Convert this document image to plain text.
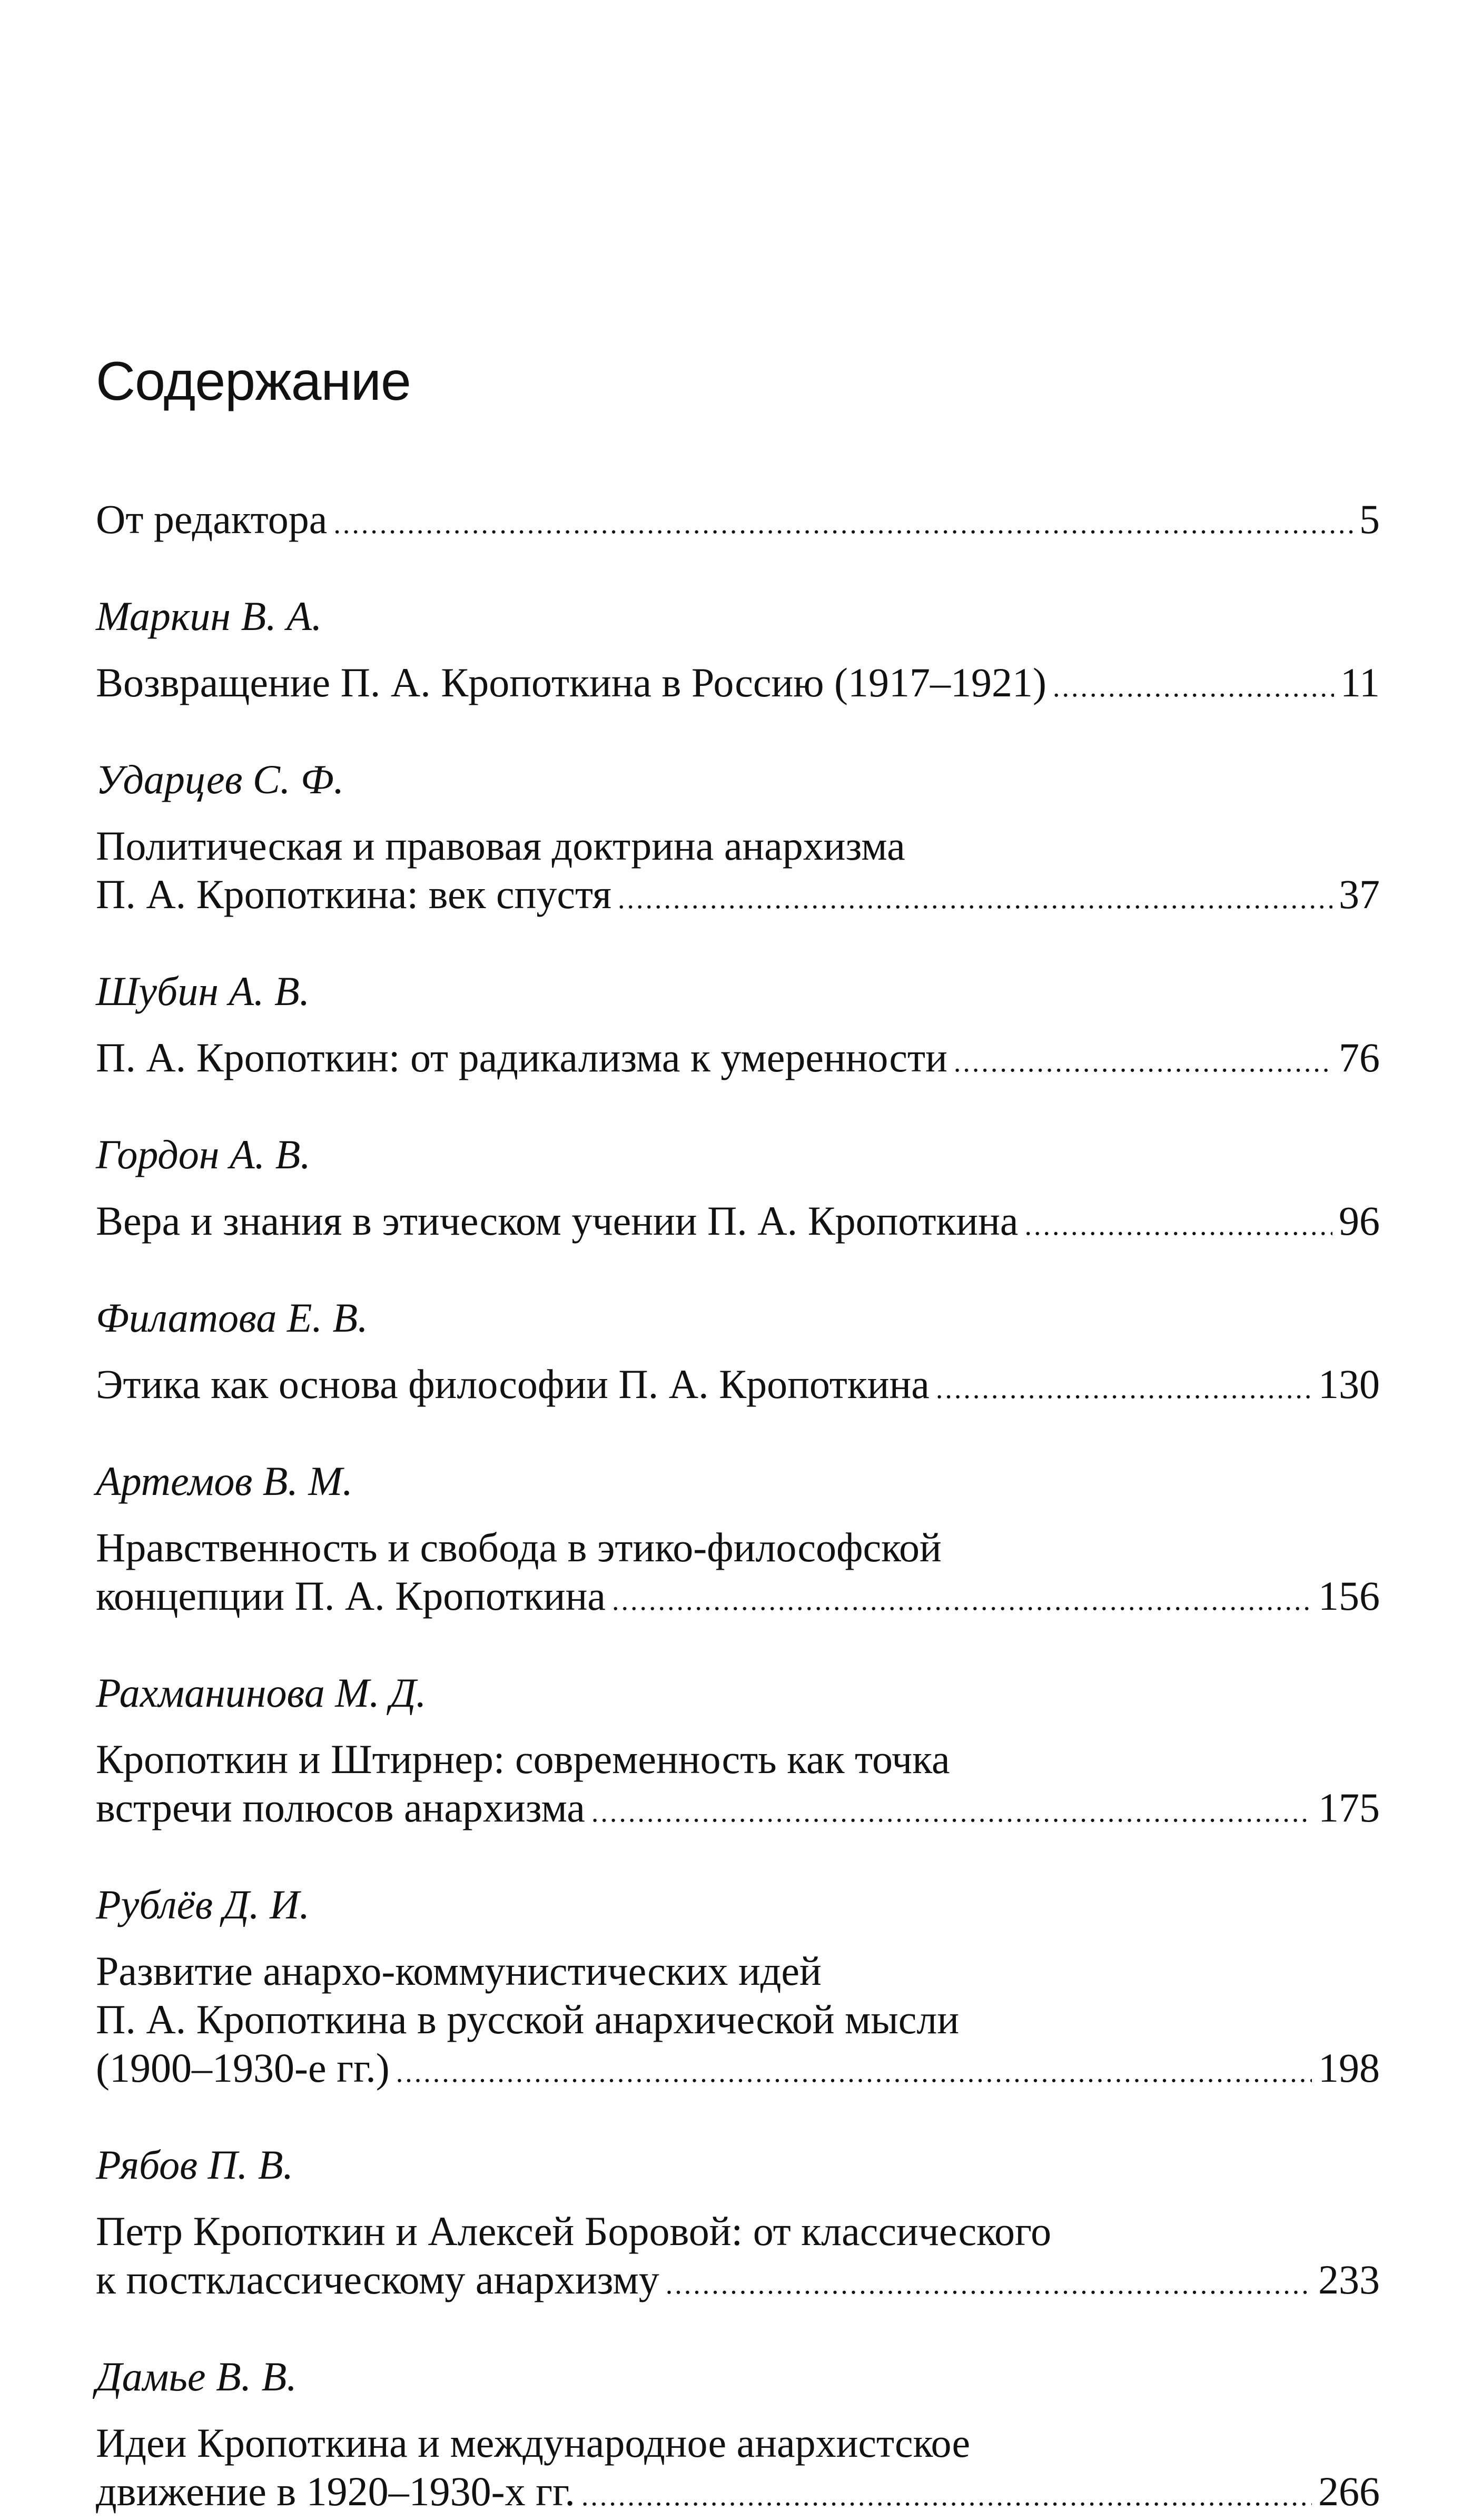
Содержание
От редактора .....	5
Маркин В. А.
Возвращение П. А. Кропоткина в Россию (1917–1921) .....	11
Ударцев С. Ф.
Политическая и правовая доктрина анархизма
П. А. Кропоткина: век спустя .....	37
Шубин А. В.
П. А. Кропоткин: от радикализма к умеренности .....	76
Гордон А. В.
Вера и знания в этическом учении П. А. Кропоткина .....	96
Филатова Е. В.
Этика как основа философии П. А. Кропоткина .....	130
Артемов В. М.
Нравственность и свобода в этико-философской
концепции П. А. Кропоткина .....	156
Рахманинова М. Д.
Кропоткин и Штирнер: современность как точка
встречи полюсов анархизма .....	175
Рублёв Д. И.
Развитие анархо-коммунистических идей
П. А. Кропоткина в русской анархической мысли
(1900–1930-е гг.) .....	198
Рябов П. В.
Петр Кропоткин и Алексей Боровой: от классического
к постклассическому анархизму .....	233
Дамье В. В.
Идеи Кропоткина и международное анархистское
движение в 1920–1930-х гг. .....	266
